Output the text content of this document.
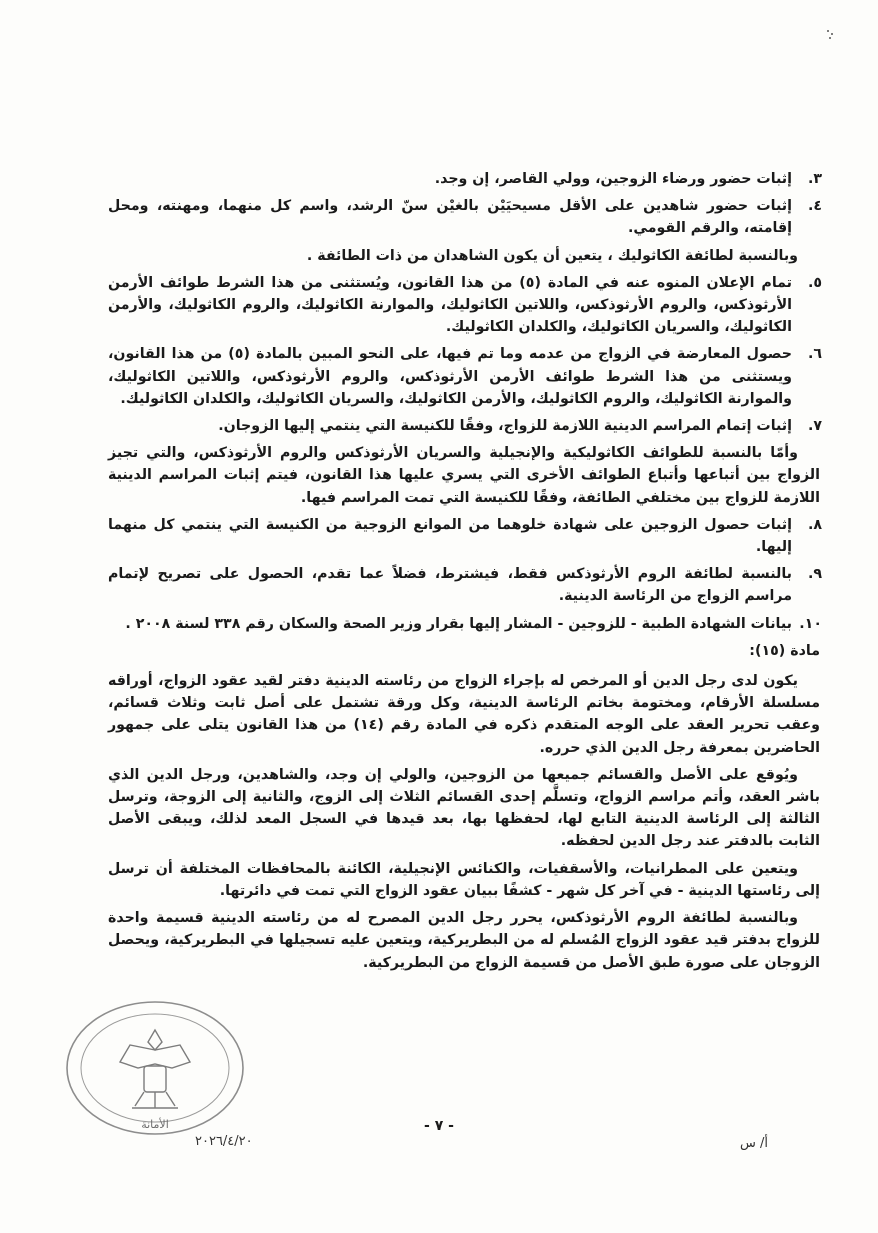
٣.
إثبات حضور ورضاء الزوجين، وولي القاصر، إن وجد.
٤.
إثبات حضور شاهدين على الأقل مسيحيَيْن بالغيْن سنّ الرشد، واسم كل منهما، ومهنته، ومحل إقامته، والرقم القومي.

وبالنسبة لطائفة الكاثوليك ، يتعين أن يكون الشاهدان من ذات الطائفة .

٥.
تمام الإعلان المنوه عنه في المادة (٥) من هذا القانون، ويُستثنى من هذا الشرط طوائف الأرمن الأرثوذكس، والروم الأرثوذكس، واللاتين الكاثوليك، والموارنة الكاثوليك، والروم الكاثوليك، والأرمن الكاثوليك، والسريان الكاثوليك، والكلدان الكاثوليك.
٦.
حصول المعارضة في الزواج من عدمه وما تم فيها، على النحو المبين بالمادة (٥) من هذا القانون، ويستثنى من هذا الشرط طوائف الأرمن الأرثوذكس، والروم الأرثوذكس، واللاتين الكاثوليك، والموارنة الكاثوليك، والروم الكاثوليك، والأرمن الكاثوليك، والسريان الكاثوليك، والكلدان الكاثوليك.
٧.
إثبات إتمام المراسم الدينية اللازمة للزواج، وفقًا للكنيسة التي ينتمي إليها الزوجان.

وأمّا بالنسبة للطوائف الكاثوليكية والإنجيلية والسريان الأرثوذكس والروم الأرثوذكس، والتي تجيز الزواج بين أتباعها وأتباع الطوائف الأخرى التي يسري عليها هذا القانون، فيتم إثبات المراسم الدينية اللازمة للزواج بين مختلفي الطائفة، وفقًا للكنيسة التي تمت المراسم فيها.

٨.
إثبات حصول الزوجين على شهادة خلوهما من الموانع الزوجية من الكنيسة التي ينتمي كل منهما إليها.
٩.
بالنسبة لطائفة الروم الأرثوذكس فقط، فيشترط، فضلاً عما تقدم، الحصول على تصريح لإتمام مراسم الزواج من الرئاسة الدينية.
١٠.
بيانات الشهادة الطبية - للزوجين - المشار إليها بقرار وزير الصحة والسكان رقم ٣٣٨ لسنة ٢٠٠٨ .

مادة (١٥):

يكون لدى رجل الدين أو المرخص له بإجراء الزواج من رئاسته الدينية دفتر لقيد عقود الزواج، أوراقه مسلسلة الأرقام، ومختومة بخاتم الرئاسة الدينية، وكل ورقة تشتمل على أصل ثابت وثلاث قسائم، وعقب تحرير العقد على الوجه المتقدم ذكره في المادة رقم (١٤) من هذا القانون يتلى على جمهور الحاضرين بمعرفة رجل الدين الذي حرره.

ويُوقع على الأصل والقسائم جميعها من الزوجين، والولي إن وجد، والشاهدين، ورجل الدين الذي باشر العقد، وأتم مراسم الزواج، وتسلَّم إحدى القسائم الثلاث إلى الزوج، والثانية إلى الزوجة، وترسل الثالثة إلى الرئاسة الدينية التابع لها، لحفظها بها، بعد قيدها في السجل المعد لذلك، ويبقى الأصل الثابت بالدفتر عند رجل الدين لحفظه.

ويتعين على المطرانيات، والأسقفيات، والكنائس الإنجيلية، الكائنة بالمحافظات المختلفة أن ترسل إلى رئاستها الدينية - في آخر كل شهر - كشفًا ببيان عقود الزواج التي تمت في دائرتها.

وبالنسبة لطائفة الروم الأرثوذكس، يحرر رجل الدين المصرح له من رئاسته الدينية قسيمة واحدة للزواج بدفتر قيد عقود الزواج المُسلم له من البطريركية، ويتعين عليه تسجيلها في البطريركية، ويحصل الزوجان على صورة طبق الأصل من قسيمة الزواج من البطريركية.

الأمانة	- ٧ -
٢٠٢٦/٤/٢٠	أ/ س
